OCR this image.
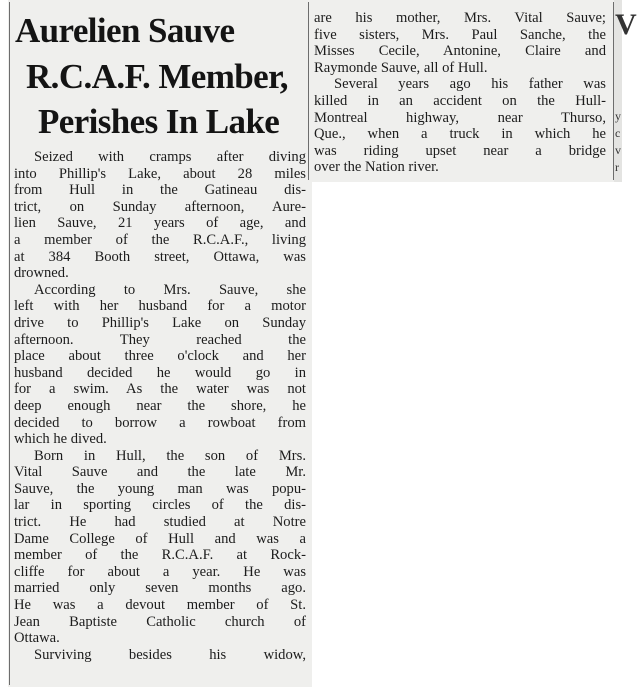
Aurelien Sauve
R.C.A.F. Member,
Perishes In Lake
Seized with cramps after diving
into Phillip's Lake, about 28 miles
from Hull in the Gatineau dis-
trict, on Sunday afternoon, Aure-
lien Sauve, 21 years of age, and
a member of the R.C.A.F., living
at 384 Booth street, Ottawa, was
drowned.
According to Mrs. Sauve, she
left with her husband for a motor
drive to Phillip's Lake on Sunday
afternoon. They reached the
place about three o'clock and her
husband decided he would go in
for a swim. As the water was not
deep enough near the shore, he
decided to borrow a rowboat from
which he dived.
Born in Hull, the son of Mrs.
Vital Sauve and the late Mr.
Sauve, the young man was popu-
lar in sporting circles of the dis-
trict. He had studied at Notre
Dame College of Hull and was a
member of the R.C.A.F. at Rock-
cliffe for about a year. He was
married only seven months ago.
He was a devout member of St.
Jean Baptiste Catholic church of
Ottawa.
Surviving besides his widow,
are his mother, Mrs. Vital Sauve;
five sisters, Mrs. Paul Sanche, the
Misses Cecile, Antonine, Claire and
Raymonde Sauve, all of Hull.
Several years ago his father was
killed in an accident on the Hull-
Montreal highway, near Thurso,
Que., when a truck in which he
was riding upset near a bridge
over the Nation river.
V
y
c
v
r
